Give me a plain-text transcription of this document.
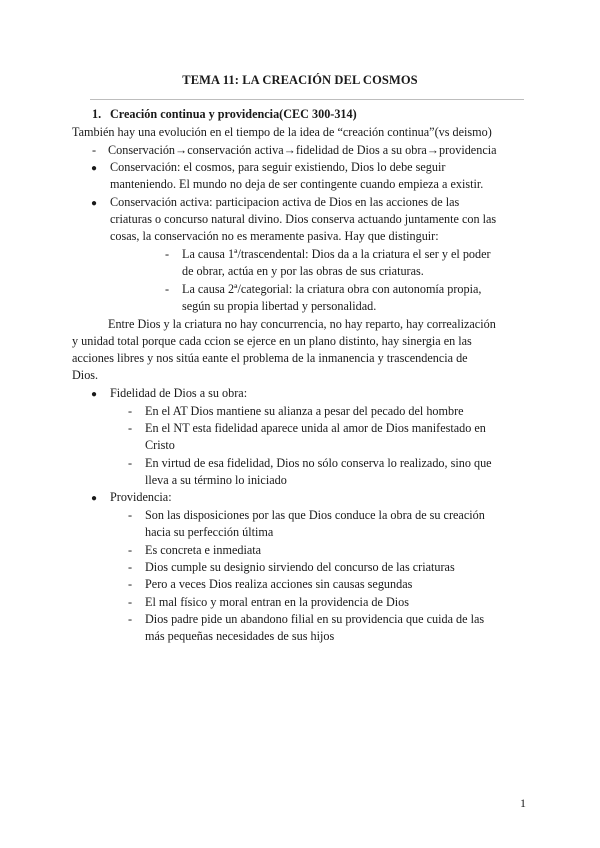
TEMA 11: LA CREACIÓN DEL COSMOS
1. Creación continua y providencia(CEC 300-314)
También hay una evolución en el tiempo de la idea de “creación continua”(vs deismo)
- Conservación→conservación activa→fidelidad de Dios a su obra→providencia
● Conservación: el cosmos, para seguir existiendo, Dios lo debe seguir
manteniendo. El mundo no deja de ser contingente cuando empieza a existir.
● Conservación activa: participacion activa de Dios en las acciones de las
criaturas o concurso natural divino. Dios conserva actuando juntamente con las
cosas, la conservación no es meramente pasiva. Hay que distinguir:
- La causa 1ª/trascendental: Dios da a la criatura el ser y el poder
de obrar, actúa en y por las obras de sus criaturas.
- La causa 2ª/categorial: la criatura obra con autonomía propia,
según su propia libertad y personalidad.
Entre Dios y la criatura no hay concurrencia, no hay reparto, hay correalización
y unidad total porque cada ccion se ejerce en un plano distinto, hay sinergia en las
acciones libres y nos sitúa eante el problema de la inmanencia y trascendencia de
Dios.
● Fidelidad de Dios a su obra:
- En el AT Dios mantiene su alianza a pesar del pecado del hombre
- En el NT esta fidelidad aparece unida al amor de Dios manifestado en
Cristo
- En virtud de esa fidelidad, Dios no sólo conserva lo realizado, sino que
lleva a su término lo iniciado
● Providencia:
- Son las disposiciones por las que Dios conduce la obra de su creación
hacia su perfección última
- Es concreta e inmediata
- Dios cumple su designio sirviendo del concurso de las criaturas
- Pero a veces Dios realiza acciones sin causas segundas
- El mal físico y moral entran en la providencia de Dios
- Dios padre pide un abandono filial en su providencia que cuida de las
más pequeñas necesidades de sus hijos
1
